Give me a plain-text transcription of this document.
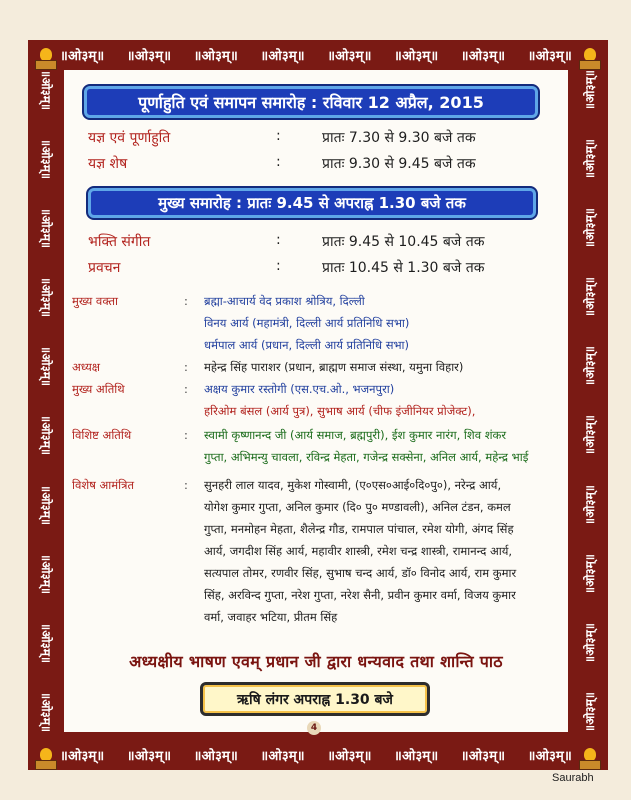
॥ओ३म्॥ ॥ओ३म्॥ ॥ओ३म्॥ ॥ओ३म्॥ ॥ओ३म्॥ ॥ओ३म्॥ ॥ओ३म्॥ ॥ओ३म्॥
॥ओ३म्॥ ॥ओ३म्॥ ॥ओ३म्॥ ॥ओ३म्॥ ॥ओ३म्॥ ॥ओ३म्॥ ॥ओ३म्॥ ॥ओ३म्॥
॥ओ३म्॥
॥ओ३म्॥
॥ओ३म्॥
॥ओ३म्॥
॥ओ३म्॥
॥ओ३म्॥
॥ओ३म्॥
॥ओ३म्॥
॥ओ३म्॥
॥ओ३म्॥
॥ओ३म्॥
॥ओ३म्॥
॥ओ३म्॥
॥ओ३म्॥
॥ओ३म्॥
॥ओ३म्॥
॥ओ३म्॥
॥ओ३म्॥
॥ओ३म्॥
॥ओ३म्॥
पूर्णाहुति एवं समापन समारोह : रविवार 12 अप्रैल, 2015
यज्ञ एवं पूर्णाहुति	:	प्रातः 7.30 से 9.30 बजे तक
यज्ञ शेष	:	प्रातः 9.30 से 9.45 बजे तक
मुख्य समारोह : प्रातः 9.45 से अपराह्न 1.30 बजे तक
भक्ति संगीत	:	प्रातः 9.45 से 10.45 बजे तक
प्रवचन	:	प्रातः 10.45 से 1.30 बजे तक
मुख्य वक्ता	: ब्रह्मा-आचार्य वेद प्रकाश श्रोत्रिय, दिल्ली
विनय आर्य (महामंत्री, दिल्ली आर्य प्रतिनिधि सभा)
धर्मपाल आर्य (प्रधान, दिल्ली आर्य प्रतिनिधि सभा)
अध्यक्ष	: महेन्द्र सिंह पाराशर (प्रधान, ब्राह्मण समाज संस्था, यमुना विहार)
मुख्य अतिथि	: अक्षय कुमार रस्तोगी (एस.एच.ओ., भजनपुरा)
हरिओम बंसल (आर्य पुत्र), सुभाष आर्य (चीफ इंजीनियर प्रोजेक्ट),
विशिष्ट अतिथि	: स्वामी कृष्णानन्द जी (आर्य समाज, ब्रह्मपुरी), ईश कुमार नारंग, शिव शंकर
गुप्ता, अभिमन्यु चावला, रविन्द्र मेहता, गजेन्द्र सक्सेना, अनिल आर्य, महेन्द्र भाई
विशेष आमंत्रित	: सुनहरी लाल यादव, मुकेश गोस्वामी, (ए०एस०आई०दि०पु०), नरेन्द्र आर्य,
योगेश कुमार गुप्ता, अनिल कुमार (दि० पु० मण्डावली), अनिल टंडन, कमल
गुप्ता, मनमोहन मेहता, शैलेन्द्र गौड, रामपाल पांचाल, रमेश योगी, अंगद सिंह
आर्य, जगदीश सिंह आर्य, महावीर शास्त्री, रमेश चन्द्र शास्त्री, रामानन्द आर्य,
सत्यपाल तोमर, रणवीर सिंह, सुभाष चन्द आर्य, डॉ० विनोद आर्य, राम कुमार
सिंह, अरविन्द गुप्ता, नरेश गुप्ता, नरेश सैनी, प्रवीन कुमार वर्मा, विजय कुमार
वर्मा, जवाहर भटिया, प्रीतम सिंह
अध्यक्षीय भाषण एवम् प्रधान जी द्वारा धन्यवाद तथा शान्ति पाठ
ऋषि लंगर अपराह्न 1.30 बजे
4
Saurabh
